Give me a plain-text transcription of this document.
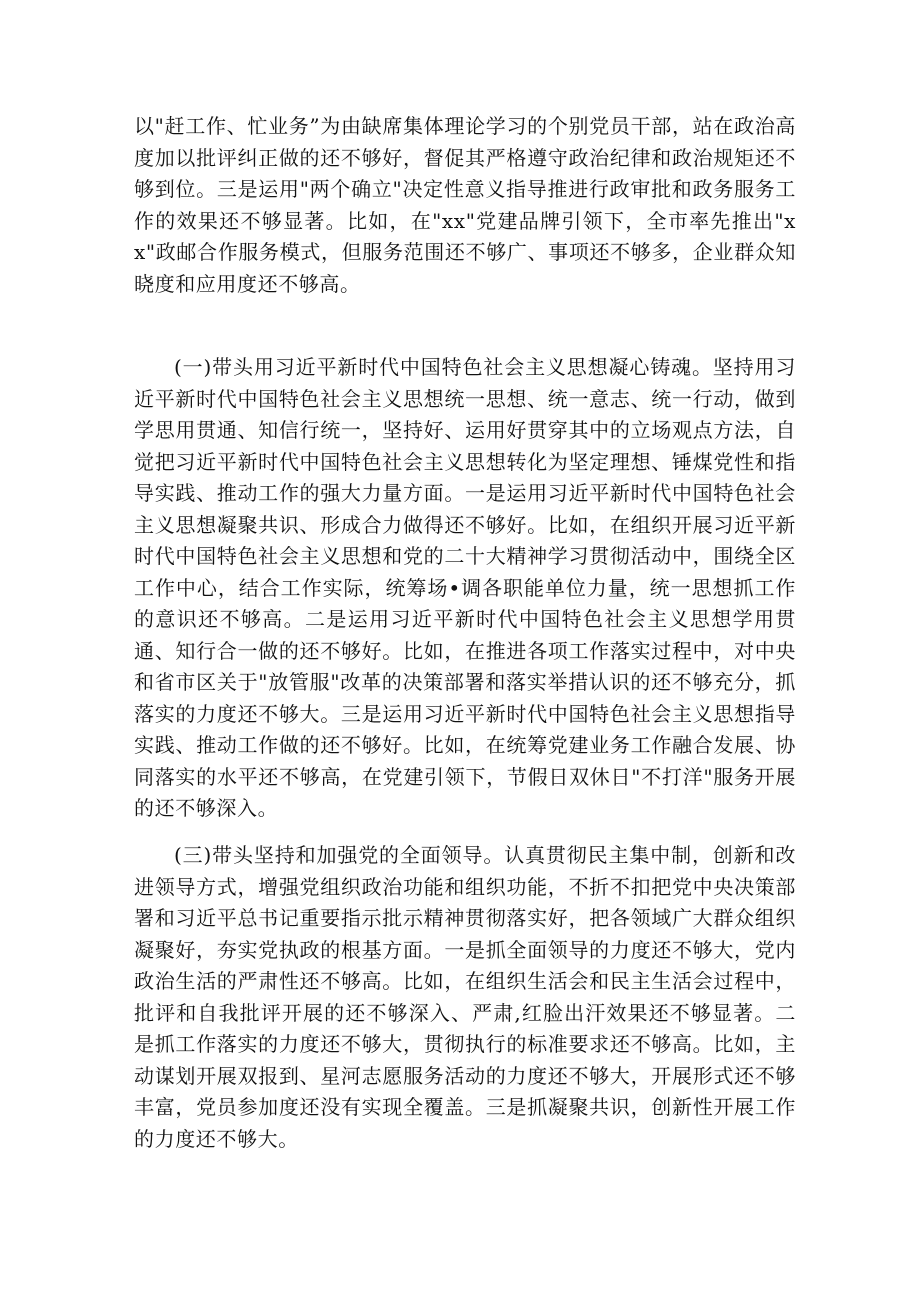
以"赶工作、忙业务”为由缺席集体理论学习的个别党员干部，站在政治高度加以批评纠正做的还不够好，督促其严格遵守政治纪律和政治规矩还不够到位。三是运用"两个确立"决定性意义指导推进行政审批和政务服务工作的效果还不够显著。比如，在"xx"党建品牌引领下，全市率先推出"xx"政邮合作服务模式，但服务范围还不够广、事项还不够多，企业群众知晓度和应用度还不够高。

(一)带头用习近平新时代中国特色社会主义思想凝心铸魂。坚持用习近平新时代中国特色社会主义思想统一思想、统一意志、统一行动，做到学思用贯通、知信行统一，坚持好、运用好贯穿其中的立场观点方法，自觉把习近平新时代中国特色社会主义思想转化为坚定理想、锤煤党性和指导实践、推动工作的强大力量方面。一是运用习近平新时代中国特色社会主义思想凝聚共识、形成合力做得还不够好。比如，在组织开展习近平新时代中国特色社会主义思想和党的二十大精神学习贯彻活动中，围绕全区工作中心，结合工作实际，统筹场•调各职能单位力量，统一思想抓工作的意识还不够高。二是运用习近平新时代中国特色社会主义思想学用贯通、知行合一做的还不够好。比如，在推进各项工作落实过程中，对中央和省市区关于"放管服"改革的决策部署和落实举措认识的还不够充分，抓落实的力度还不够大。三是运用习近平新时代中国特色社会主义思想指导实践、推动工作做的还不够好。比如，在统筹党建业务工作融合发展、协同落实的水平还不够高，在党建引领下，节假日双休日"不打洋"服务开展的还不够深入。

(三)带头坚持和加强党的全面领导。认真贯彻民主集中制，创新和改进领导方式，增强党组织政治功能和组织功能，不折不扣把党中央决策部署和习近平总书记重要指示批示精神贯彻落实好，把各领域广大群众组织凝聚好，夯实党执政的根基方面。一是抓全面领导的力度还不够大，党内政治生活的严肃性还不够高。比如，在组织生活会和民主生活会过程中，批评和自我批评开展的还不够深入、严肃,红脸出汗效果还不够显著。二是抓工作落实的力度还不够大，贯彻执行的标准要求还不够高。比如，主动谋划开展双报到、星河志愿服务活动的力度还不够大，开展形式还不够丰富，党员参加度还没有实现全覆盖。三是抓凝聚共识，创新性开展工作的力度还不够大。
